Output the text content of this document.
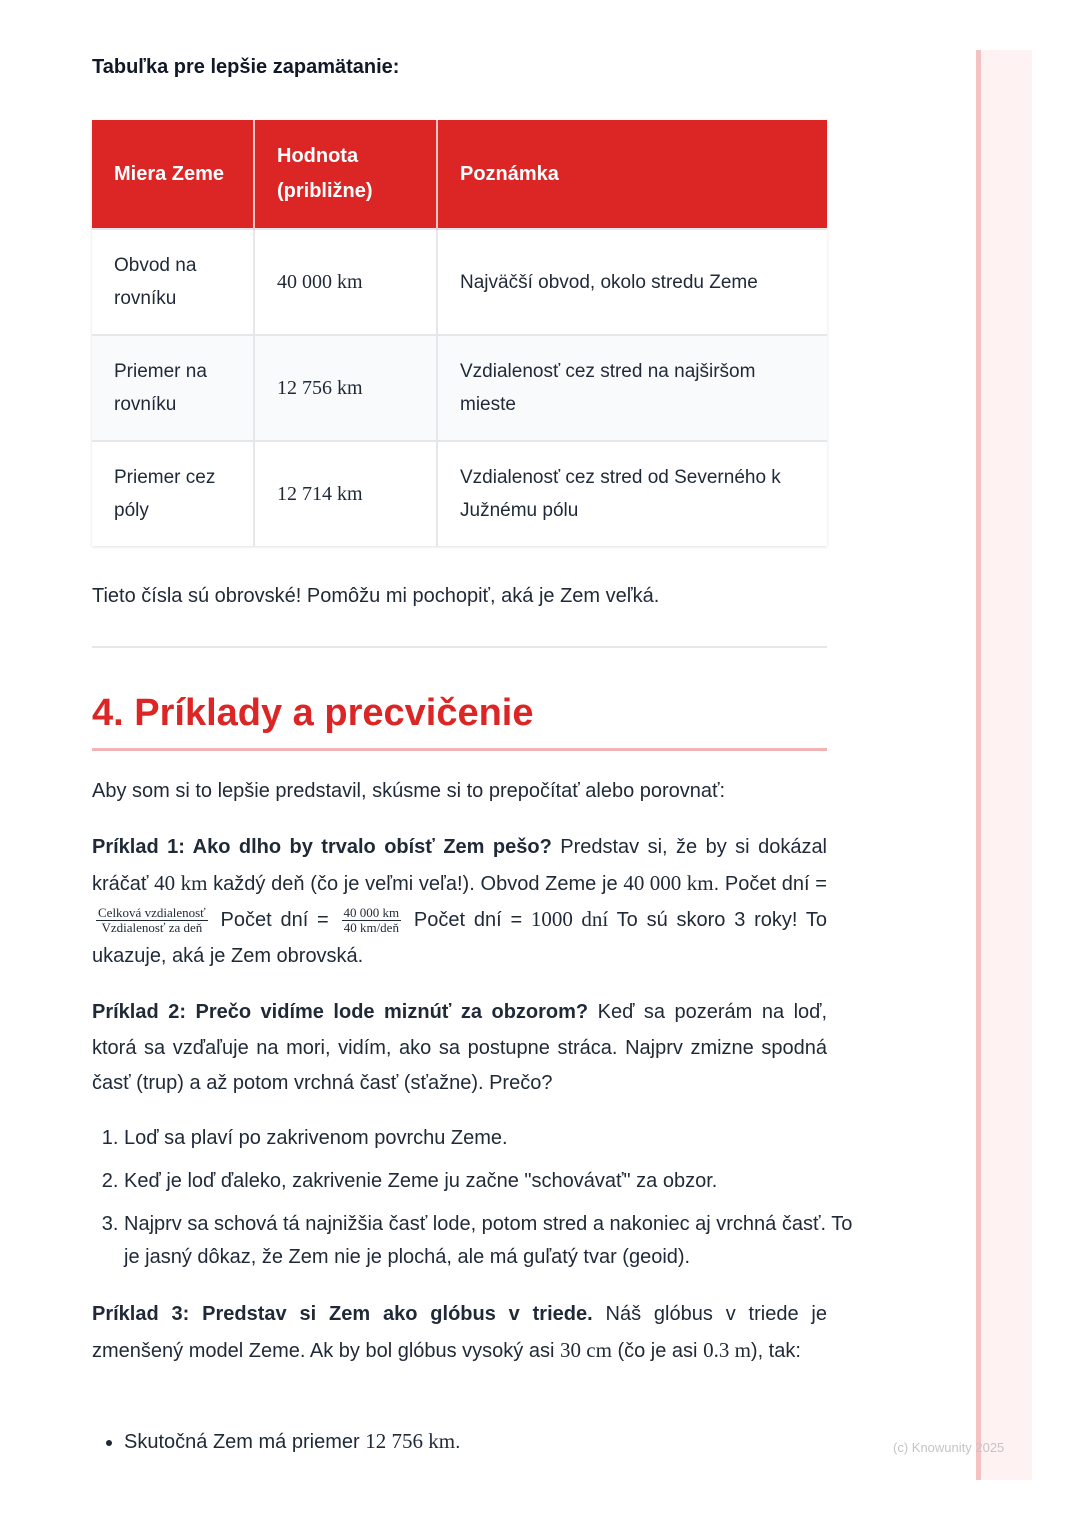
Tabuľka pre lepšie zapamätanie:

Miera Zeme	Hodnota (približne)	Poznámka
Obvod na rovníku	40 000 km	Najväčší obvod, okolo stredu Zeme
Priemer na rovníku	12 756 km	Vzdialenosť cez stred na najširšom mieste
Priemer cez póly	12 714 km	Vzdialenosť cez stred od Severného k Južnému pólu

Tieto čísla sú obrovské! Pomôžu mi pochopiť, aká je Zem veľká.

4. Príklady a precvičenie

Aby som si to lepšie predstavil, skúsme si to prepočítať alebo porovnať:

Príklad 1: Ako dlho by trvalo obísť Zem pešo? Predstav si, že by si dokázal kráčať 40 km každý deň (čo je veľmi veľa!). Obvod Zeme je 40 000 km. Počet dní =
$\frac{\text{Celková vzdialenosť}}{\text{Vzdialenosť za deň}}$ Počet dní = $\frac{40 000 km}{\text{40 km/deň}}$ Počet dní = 1000 dní To sú skoro 3 roky! To ukazuje, aká je Zem obrovská.

Príklad 2: Prečo vidíme lode miznúť za obzorom? Keď sa pozerám na loď, ktorá sa vzďaľuje na mori, vidím, ako sa postupne stráca. Najprv zmizne spodná časť (trup) a až potom vrchná časť (sťažne). Prečo?

1. Loď sa plaví po zakrivenom povrchu Zeme.
2. Keď je loď ďaleko, zakrivenie Zeme ju začne "schovávať" za obzor.
3. Najprv sa schová tá najnižšia časť lode, potom stred a nakoniec aj vrchná časť. To je jasný dôkaz, že Zem nie je plochá, ale má guľatý tvar (geoid).

Príklad 3: Predstav si Zem ako glóbus v triede. Náš glóbus v triede je zmenšený model Zeme. Ak by bol glóbus vysoký asi 30 cm (čo je asi 0.3 m), tak:

• Skutočná Zem má priemer 12 756 km.	(c) Knowunity 2025
